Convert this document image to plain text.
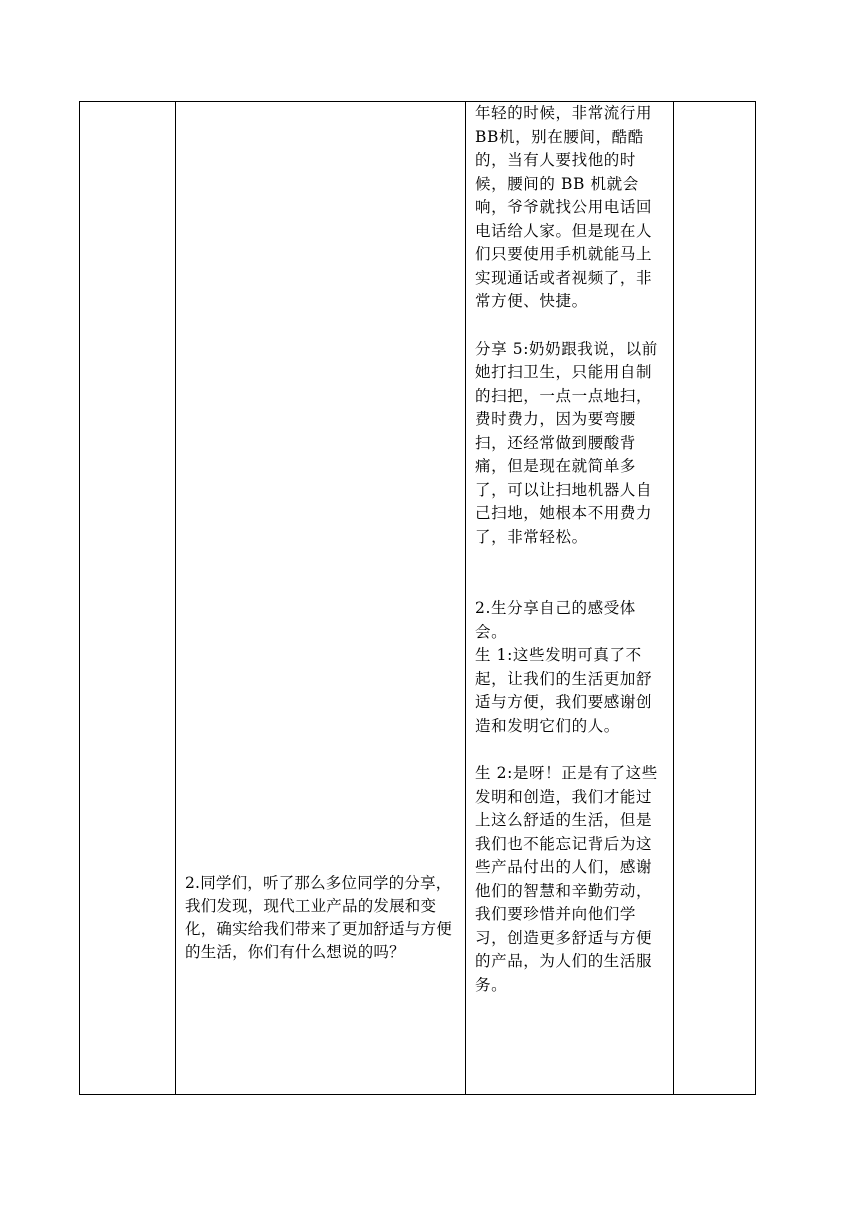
2.同学们，听了那么多位同学的分享，我们发现，现代工业产品的发展和变化，确实给我们带来了更加舒适与方便的生活，你们有什么想说的吗？

年轻的时候，非常流行用BB机，别在腰间，酷酷的，当有人要找他的时候，腰间的 BB 机就会响，爷爷就找公用电话回电话给人家。但是现在人们只要使用手机就能马上实现通话或者视频了，非常方便、快捷。

分享 5:奶奶跟我说，以前她打扫卫生，只能用自制的扫把，一点一点地扫，费时费力，因为要弯腰扫，还经常做到腰酸背痛，但是现在就简单多了，可以让扫地机器人自己扫地，她根本不用费力了，非常轻松。

2.生分享自己的感受体会。

生 1:这些发明可真了不起，让我们的生活更加舒适与方便，我们要感谢创造和发明它们的人。

生 2:是呀！正是有了这些发明和创造，我们才能过上这么舒适的生活，但是我们也不能忘记背后为这些产品付出的人们，感谢他们的智慧和辛勤劳动，我们要珍惜并向他们学习，创造更多舒适与方便的产品，为人们的生活服务。
